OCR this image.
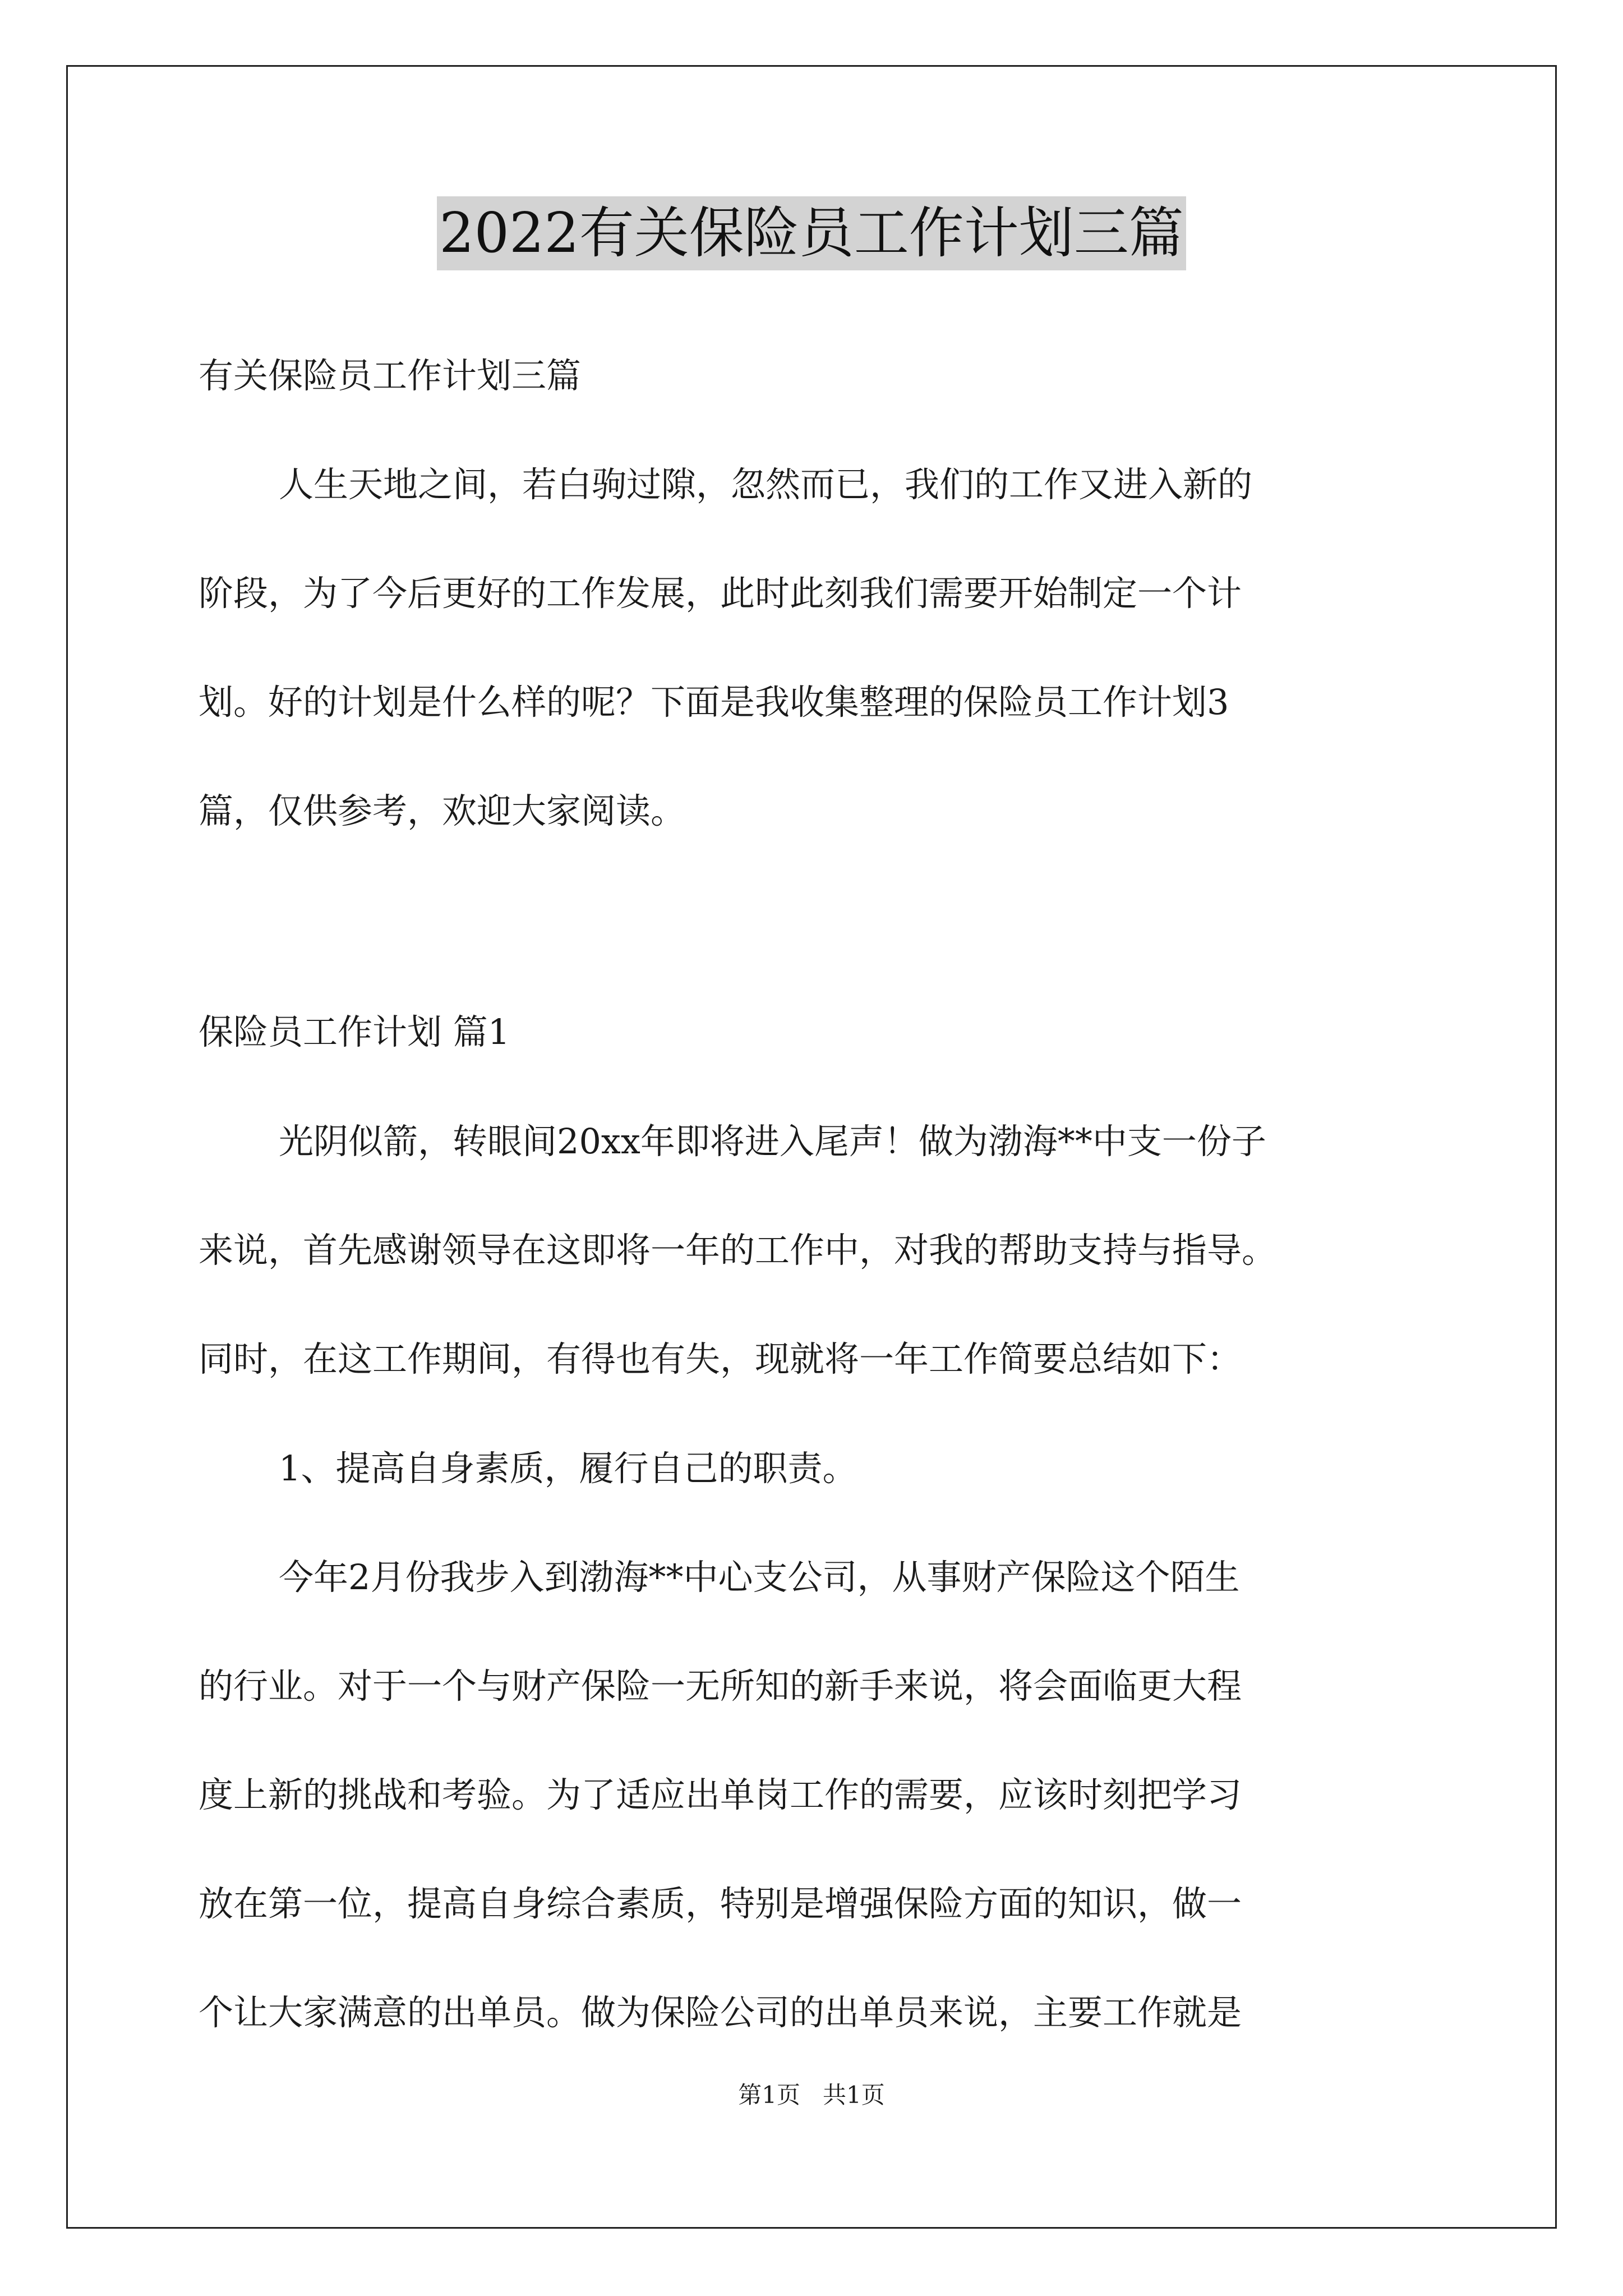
2022有关保险员工作计划三篇
有关保险员工作计划三篇
人生天地之间，若白驹过隙，忽然而已，我们的工作又进入新的
阶段，为了今后更好的工作发展，此时此刻我们需要开始制定一个计
划。好的计划是什么样的呢？下面是我收集整理的保险员工作计划3
篇，仅供参考，欢迎大家阅读。
保险员工作计划 篇1
光阴似箭，转眼间20xx年即将进入尾声！做为渤海**中支一份子
来说，首先感谢领导在这即将一年的工作中，对我的帮助支持与指导。
同时，在这工作期间，有得也有失，现就将一年工作简要总结如下：
1、提高自身素质，履行自己的职责。
今年2月份我步入到渤海**中心支公司，从事财产保险这个陌生
的行业。对于一个与财产保险一无所知的新手来说，将会面临更大程
度上新的挑战和考验。为了适应出单岗工作的需要，应该时刻把学习
放在第一位，提高自身综合素质，特别是增强保险方面的知识，做一
个让大家满意的出单员。做为保险公司的出单员来说，主要工作就是
第1页   共1页
